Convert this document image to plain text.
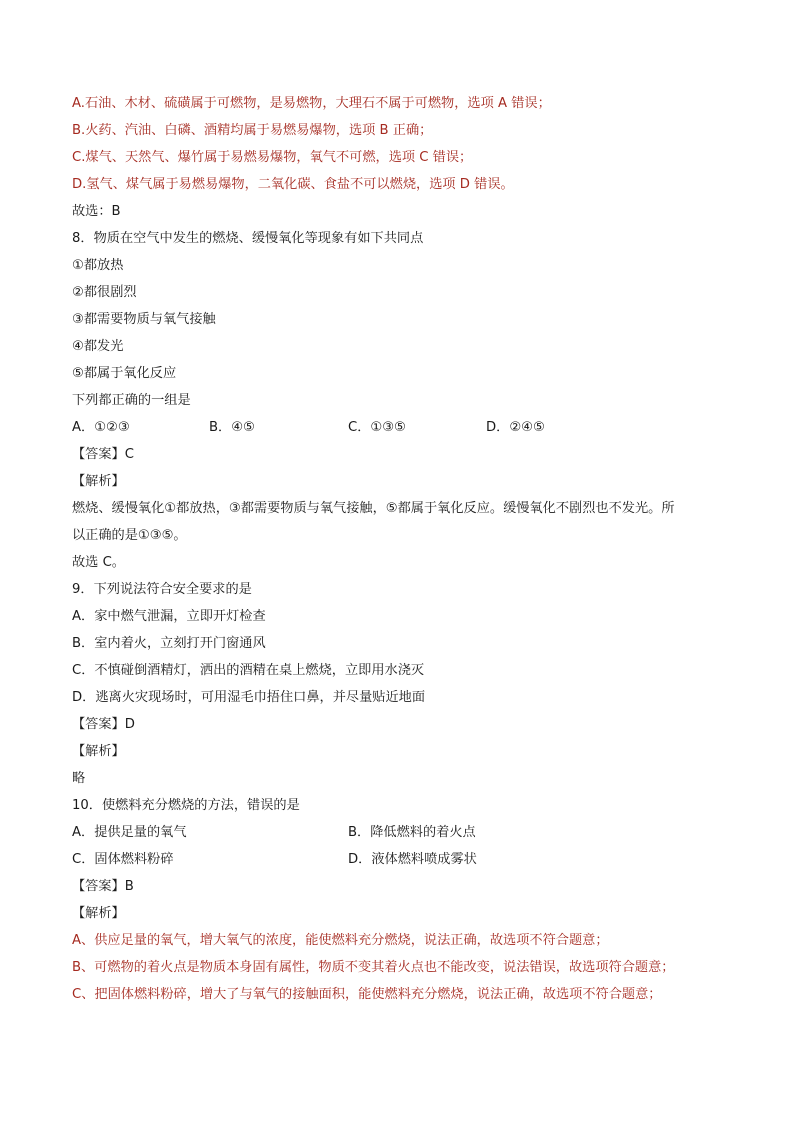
A.石油、木材、硫磺属于可燃物，是易燃物，大理石不属于可燃物，选项 A 错误；
B.火药、汽油、白磷、酒精均属于易燃易爆物，选项 B 正确；
C.煤气、天然气、爆竹属于易燃易爆物，氧气不可燃，选项 C 错误；
D.氢气、煤气属于易燃易爆物，二氧化碳、食盐不可以燃烧，选项 D 错误。
故选：B
8．物质在空气中发生的燃烧、缓慢氧化等现象有如下共同点
①都放热
②都很剧烈
③都需要物质与氧气接触
④都发光
⑤都属于氧化反应
下列都正确的一组是
A．①②③	B．④⑤	C．①③⑤	D．②④⑤
【答案】C
【解析】
燃烧、缓慢氧化①都放热，③都需要物质与氧气接触，⑤都属于氧化反应。缓慢氧化不剧烈也不发光。所
以正确的是①③⑤。
故选 C。
9．下列说法符合安全要求的是
A．家中燃气泄漏，立即开灯检查
B．室内着火，立刻打开门窗通风
C．不慎碰倒酒精灯，洒出的酒精在桌上燃烧，立即用水浇灭
D．逃离火灾现场时，可用湿毛巾捂住口鼻，并尽量贴近地面
【答案】D
【解析】
略
10．使燃料充分燃烧的方法，错误的是
A．提供足量的氧气	B．降低燃料的着火点
C．固体燃料粉碎	D．液体燃料喷成雾状
【答案】B
【解析】
A、供应足量的氧气，增大氧气的浓度，能使燃料充分燃烧，说法正确，故选项不符合题意；
B、可燃物的着火点是物质本身固有属性，物质不变其着火点也不能改变，说法错误，故选项符合题意；
C、把固体燃料粉碎，增大了与氧气的接触面积，能使燃料充分燃烧，说法正确，故选项不符合题意；
